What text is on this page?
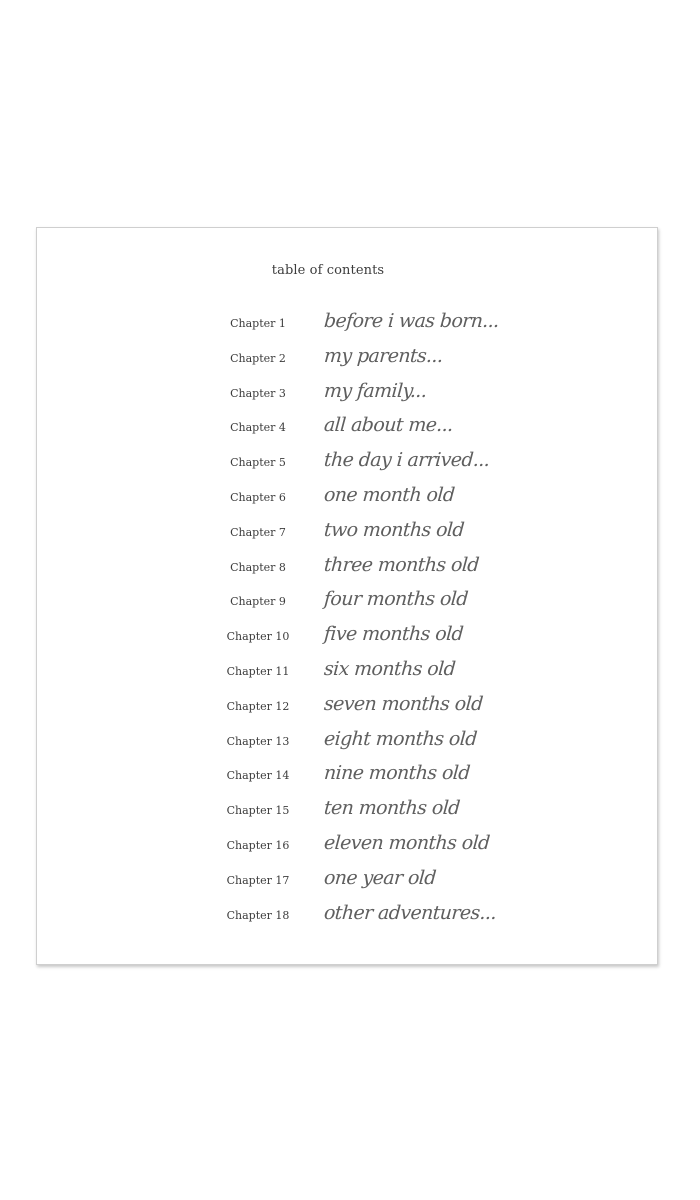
table of contents
Chapter 1	before i was born...
Chapter 2	my parents...
Chapter 3	my family...
Chapter 4	all about me...
Chapter 5	the day i arrived...
Chapter 6	one month old
Chapter 7	two months old
Chapter 8	three months old
Chapter 9	four months old
Chapter 10	five months old
Chapter 11	six months old
Chapter 12	seven months old
Chapter 13	eight months old
Chapter 14	nine months old
Chapter 15	ten months old
Chapter 16	eleven months old
Chapter 17	one year old
Chapter 18	other adventures...
